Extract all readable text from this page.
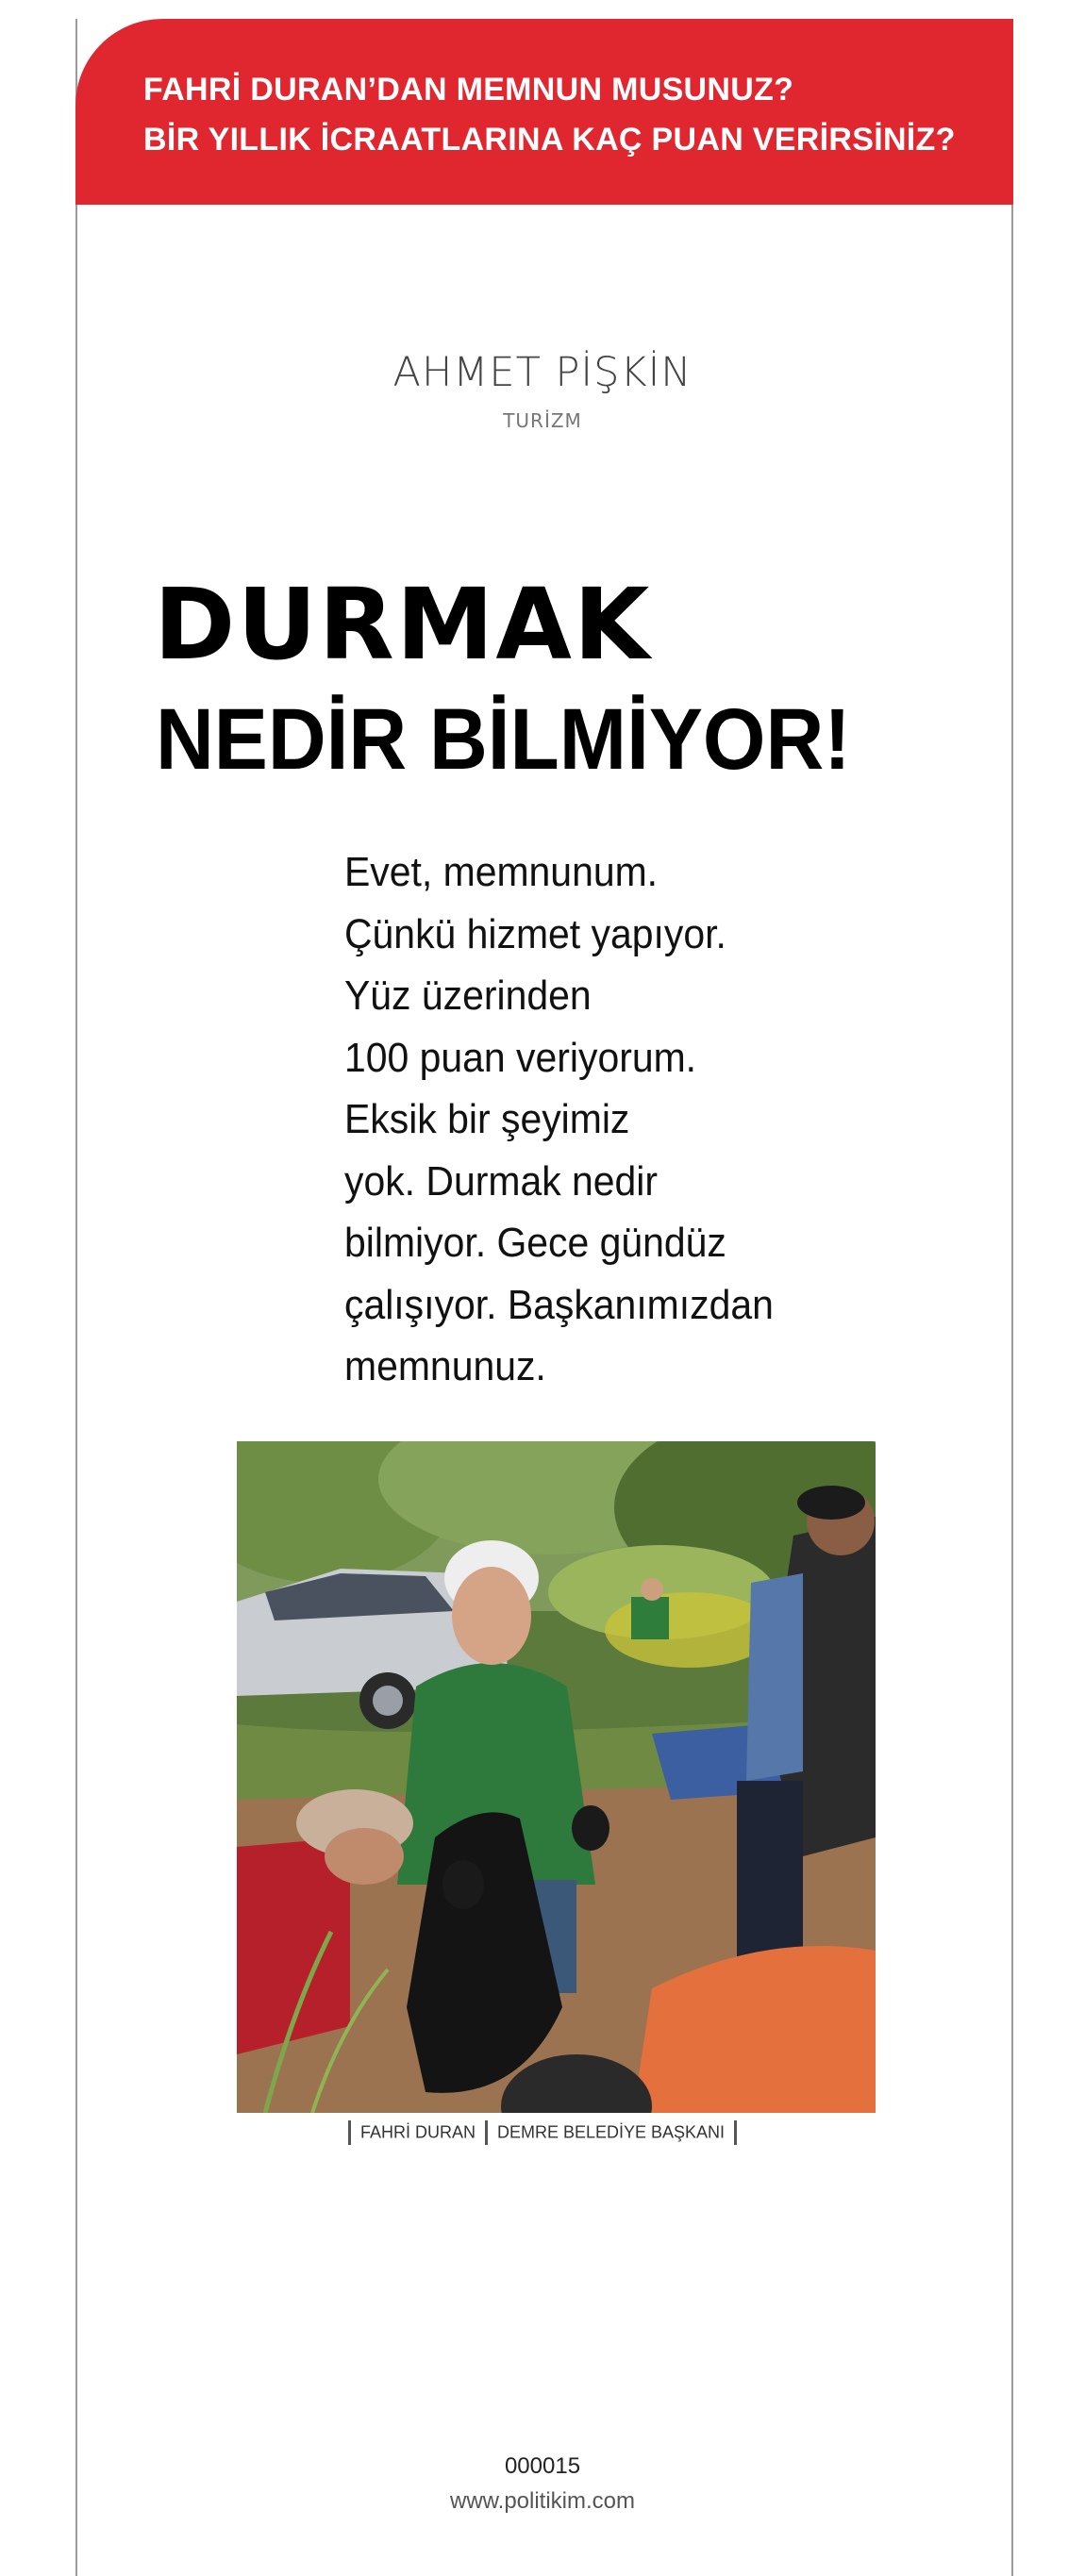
FAHRİ DURAN’DAN MEMNUN MUSUNUZ?
BİR YILLIK İCRAATLARINA KAÇ PUAN VERİRSİNİZ?
AHMET PİŞKİN
TURİZM
DURMAK
NEDİR BİLMİYOR!
Evet, memnunum.
Çünkü hizmet yapıyor.
Yüz üzerinden
100 puan veriyorum.
Eksik bir şeyimiz
yok. Durmak nedir
bilmiyor. Gece gündüz
çalışıyor. Başkanımızdan
memnunuz.
FAHRİ DURAN DEMRE BELEDİYE BAŞKANI
000015
www.politikim.com
